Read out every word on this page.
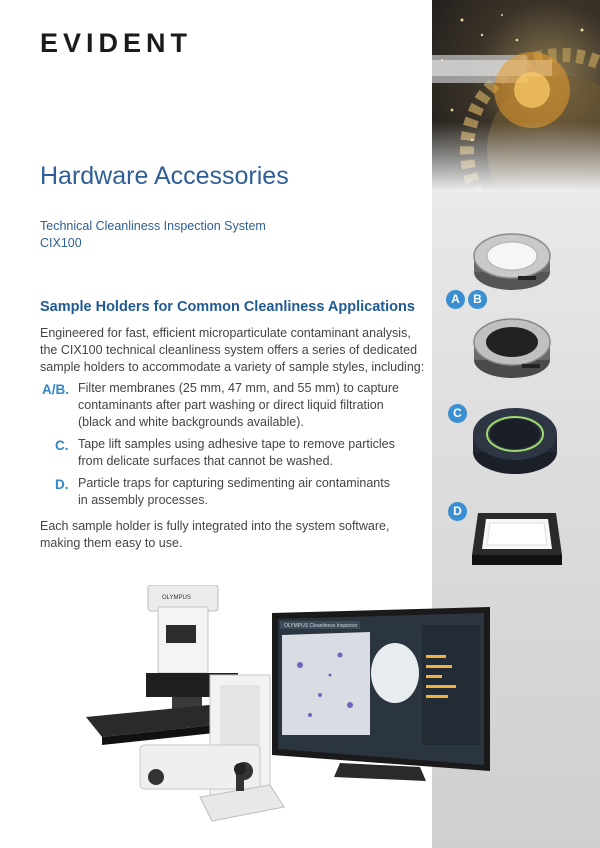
EVIDENT
Hardware Accessories
Technical Cleanliness Inspection System
CIX100
Sample Holders for Common Cleanliness Applications
Engineered for fast, efficient microparticulate contaminant analysis,
the CIX100 technical cleanliness system offers a series of dedicated
sample holders to accommodate a variety of sample styles, including:
A/B. Filter membranes (25 mm, 47 mm, and 55 mm) to capture
contaminants after part washing or direct liquid filtration
(black and white backgrounds available).
C. Tape lift samples using adhesive tape to remove particles
from delicate surfaces that cannot be washed.
D. Particle traps for capturing sedimenting air contaminants
in assembly processes.
Each sample holder is fully integrated into the system software,
making them easy to use.
A	B
C
D
OLYMPUS
OLYMPUS Cleanliness Inspector
